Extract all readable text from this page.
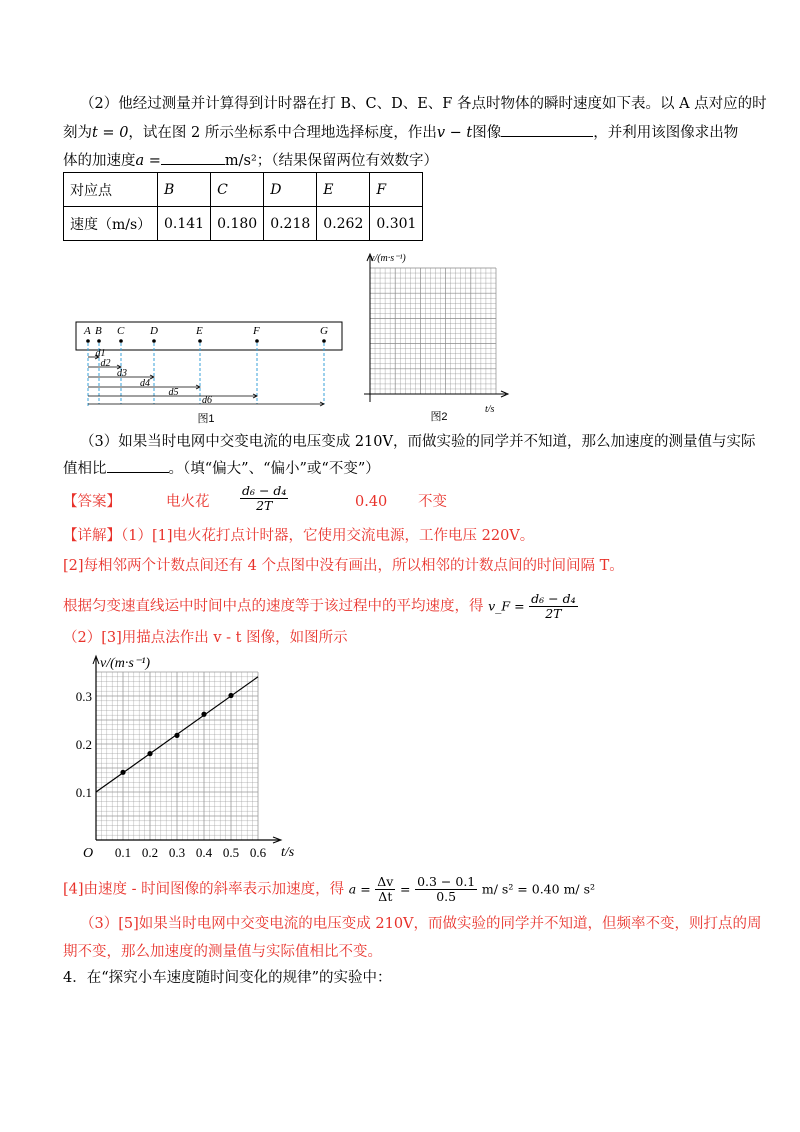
（2）他经过测量并计算得到计时器在打 B、C、D、E、F 各点时物体的瞬时速度如下表。以 A 点对应的时
刻为t = 0，试在图 2 所示坐标系中合理地选择标度，作出v − t图像	，并利用该图像求出物
体的加速度a =	m/s²；（结果保留两位有效数字）
对应点	B	C	D	E	F
速度（m/s）	0.141	0.180	0.218	0.262	0.301
A B C D	E	F	G
d1
d2
d3
d4
d5
d6
图1
v/(m·s⁻¹)
t/s
图2
（3）如果当时电网中交变电流的电压变成 210V，而做实验的同学并不知道，那么加速度的测量值与实际
值相比	。（填“偏大”、“偏小”或“不变”）
【答案】	电火花 $\frac{\text{d₆ − d₄}}{2T}$	0.40 不变
【详解】（1）[1]电火花打点计时器，它使用交流电源，工作电压 220V。
[2]每相邻两个计数点间还有 4 个点图中没有画出，所以相邻的计数点间的时间间隔 T。
根据匀变速直线运中时间中点的速度等于该过程中的平均速度，得 v_F = $\frac{\text{d₆ − d₄}}{2T}$
（2）[3]用描点法作出 v - t 图像，如图所示
0.1 0.2 0.3 0.4 0.5 0.6
0.1
0.2
0.3
v/(m·s⁻¹)
t/s
O
[4]由速度 - 时间图像的斜率表示加速度，得 $a = \frac{\Delta v}{\Delta t} = \frac{0.3 - 0.1}{0.5} m/$ s² = 0.40 m/ s²
（3）[5]如果当时电网中交变电流的电压变成 210V，而做实验的同学并不知道，但频率不变，则打点的周
期不变，那么加速度的测量值与实际值相比不变。
4．在“探究小车速度随时间变化的规律”的实验中：
